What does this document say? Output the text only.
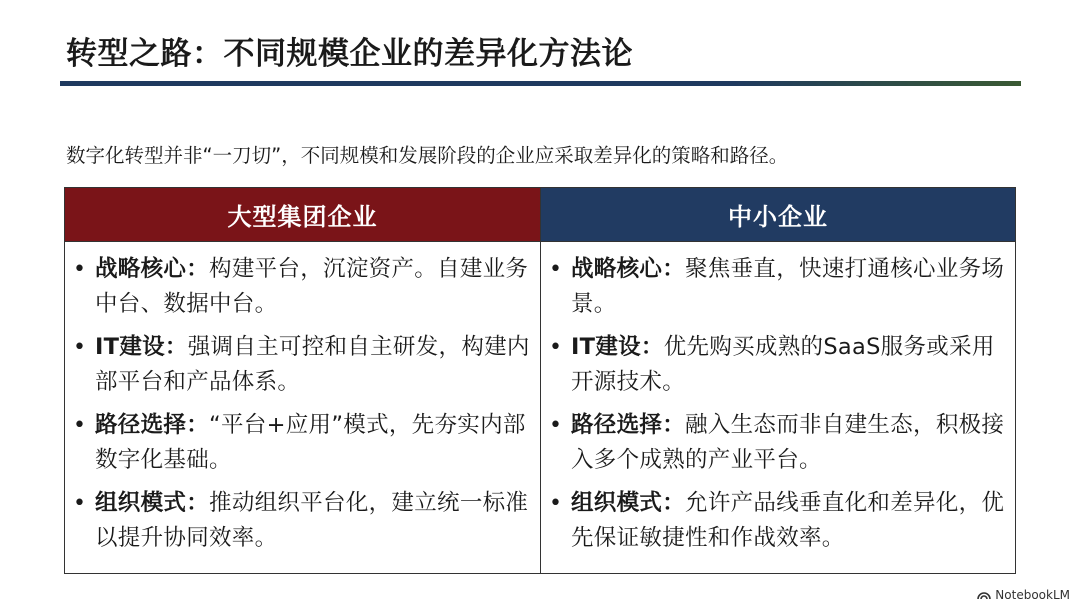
转型之路：不同规模企业的差异化方法论
数字化转型并非“一刀切”，不同规模和发展阶段的企业应采取差异化的策略和路径。
大型集团企业	中小企业
• 战略核心：构建平台，沉淀资产。自建业务中台、数据中台。
• IT建设：强调自主可控和自主研发，构建内部平台和产品体系。
• 路径选择：“平台+应用”模式，先夯实内部数字化基础。
• 组织模式：推动组织平台化，建立统一标准以提升协同效率。
• 战略核心：聚焦垂直，快速打通核心业务场景。
• IT建设：优先购买成熟的SaaS服务或采用开源技术。
• 路径选择：融入生态而非自建生态，积极接入多个成熟的产业平台。
• 组织模式：允许产品线垂直化和差异化，优先保证敏捷性和作战效率。
NotebookLM
